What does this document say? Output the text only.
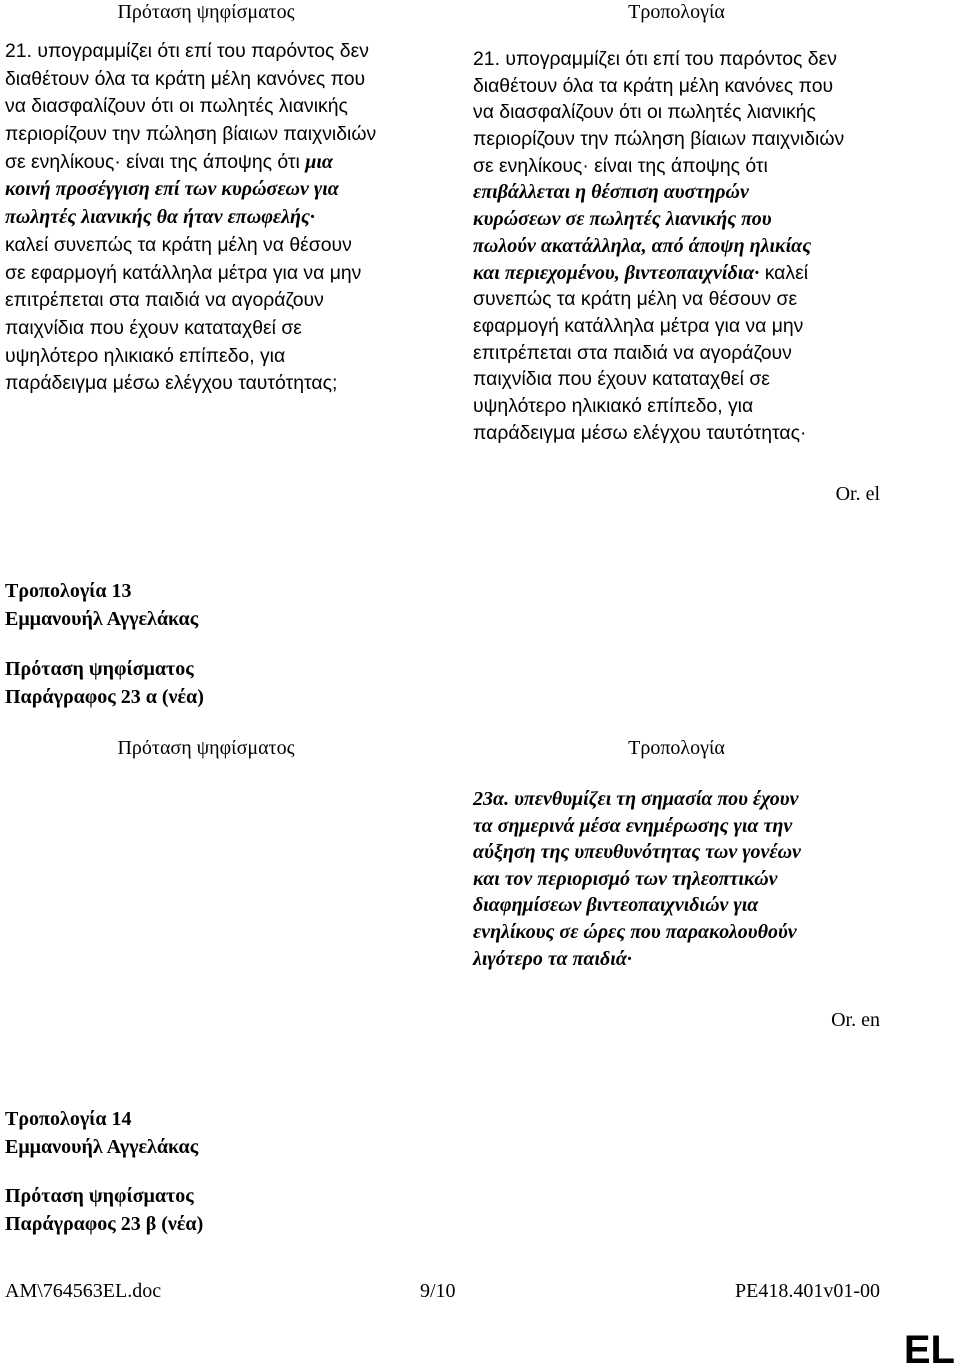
Πρόταση ψηφίσματος	Τροπολογία
21. υπογραμμίζει ότι επί του παρόντος δεν
διαθέτουν όλα τα κράτη μέλη κανόνες που
να διασφαλίζουν ότι οι πωλητές λιανικής
περιορίζουν την πώληση βίαιων παιχνιδιών
σε ενηλίκους· είναι της άποψης ότι μια
κοινή προσέγγιση επί των κυρώσεων για
πωλητές λιανικής θα ήταν επωφελής·
καλεί συνεπώς τα κράτη μέλη να θέσουν
σε εφαρμογή κατάλληλα μέτρα για να μην
επιτρέπεται στα παιδιά να αγοράζουν
παιχνίδια που έχουν καταταχθεί σε
υψηλότερο ηλικιακό επίπεδο, για
παράδειγμα μέσω ελέγχου ταυτότητας;
21. υπογραμμίζει ότι επί του παρόντος δεν
διαθέτουν όλα τα κράτη μέλη κανόνες που
να διασφαλίζουν ότι οι πωλητές λιανικής
περιορίζουν την πώληση βίαιων παιχνιδιών
σε ενηλίκους· είναι της άποψης ότι
επιβάλλεται η θέσπιση αυστηρών
κυρώσεων σε πωλητές λιανικής που
πωλούν ακατάλληλα, από άποψη ηλικίας
και περιεχομένου, βιντεοπαιχνίδια· καλεί
συνεπώς τα κράτη μέλη να θέσουν σε
εφαρμογή κατάλληλα μέτρα για να μην
επιτρέπεται στα παιδιά να αγοράζουν
παιχνίδια που έχουν καταταχθεί σε
υψηλότερο ηλικιακό επίπεδο, για
παράδειγμα μέσω ελέγχου ταυτότητας·
Or. el
Τροπολογία 13
Εμμανουήλ Αγγελάκας
Πρόταση ψηφίσματος
Παράγραφος 23 α (νέα)
Πρόταση ψηφίσματος	Τροπολογία
23α. υπενθυμίζει τη σημασία που έχουν
τα σημερινά μέσα ενημέρωσης για την
αύξηση της υπευθυνότητας των γονέων
και τον περιορισμό των τηλεοπτικών
διαφημίσεων βιντεοπαιχνιδιών για
ενηλίκους σε ώρες που παρακολουθούν
λιγότερο τα παιδιά·
Or. en
Τροπολογία 14
Εμμανουήλ Αγγελάκας
Πρόταση ψηφίσματος
Παράγραφος 23 β (νέα)
AM\764563EL.doc	9/10	PE418.401v01-00
EL
